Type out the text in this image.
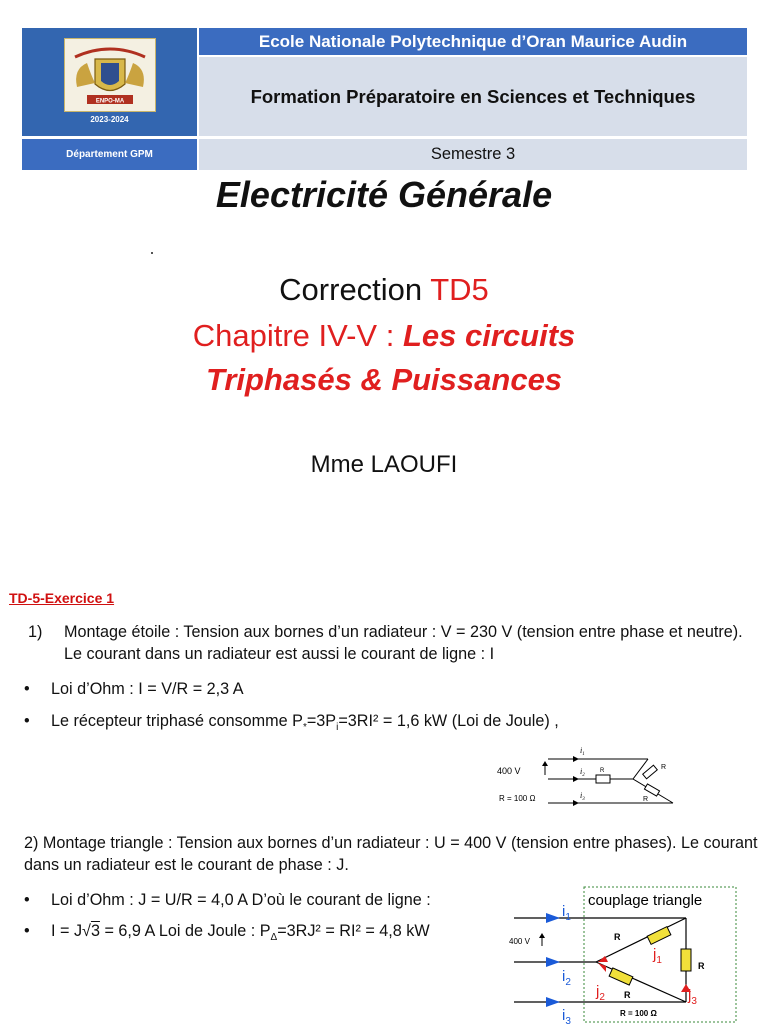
ENPO-MA
2023-2024
Ecole Nationale Polytechnique d’Oran Maurice Audin
Formation Préparatoire en Sciences et Techniques
Département GPM	Semestre 3
Electricité Générale
Correction TD5
Chapitre IV-V : Les circuits
Triphasés & Puissances
Mme LAOUFI
TD-5-Exercice 1
1)	Montage étoile : Tension aux bornes d’un radiateur : V = 230 V (tension entre phase et neutre). Le courant dans un radiateur est aussi le courant de ligne : I
• Loi d’Ohm : I = V/R = 2,3 A
• Le récepteur triphasé consomme $P_*=3P_i=3RI^2 = 1,6$ kW (Loi de Joule) ,
400 V
R = 100 Ω
$i_1$
$i_2$
$i_3$
R	R
R
2) Montage triangle : Tension aux bornes d’un radiateur : U = 400 V (tension entre phases). Le courant dans un radiateur est le courant de phase : J.
• Loi d’Ohm : J = U/R = 4,0 A D’où le courant de ligne :
• I = J√3 = 6,9 A Loi de Joule : $P_\Delta=3RJ^2 = RI^2 = 4,8$ kW
couplage triangle
400 V
$i_1$
$i_2$
$i_3$
$j_1$
$j_2$	$j_3$
R
R
R
R = 100 Ω
